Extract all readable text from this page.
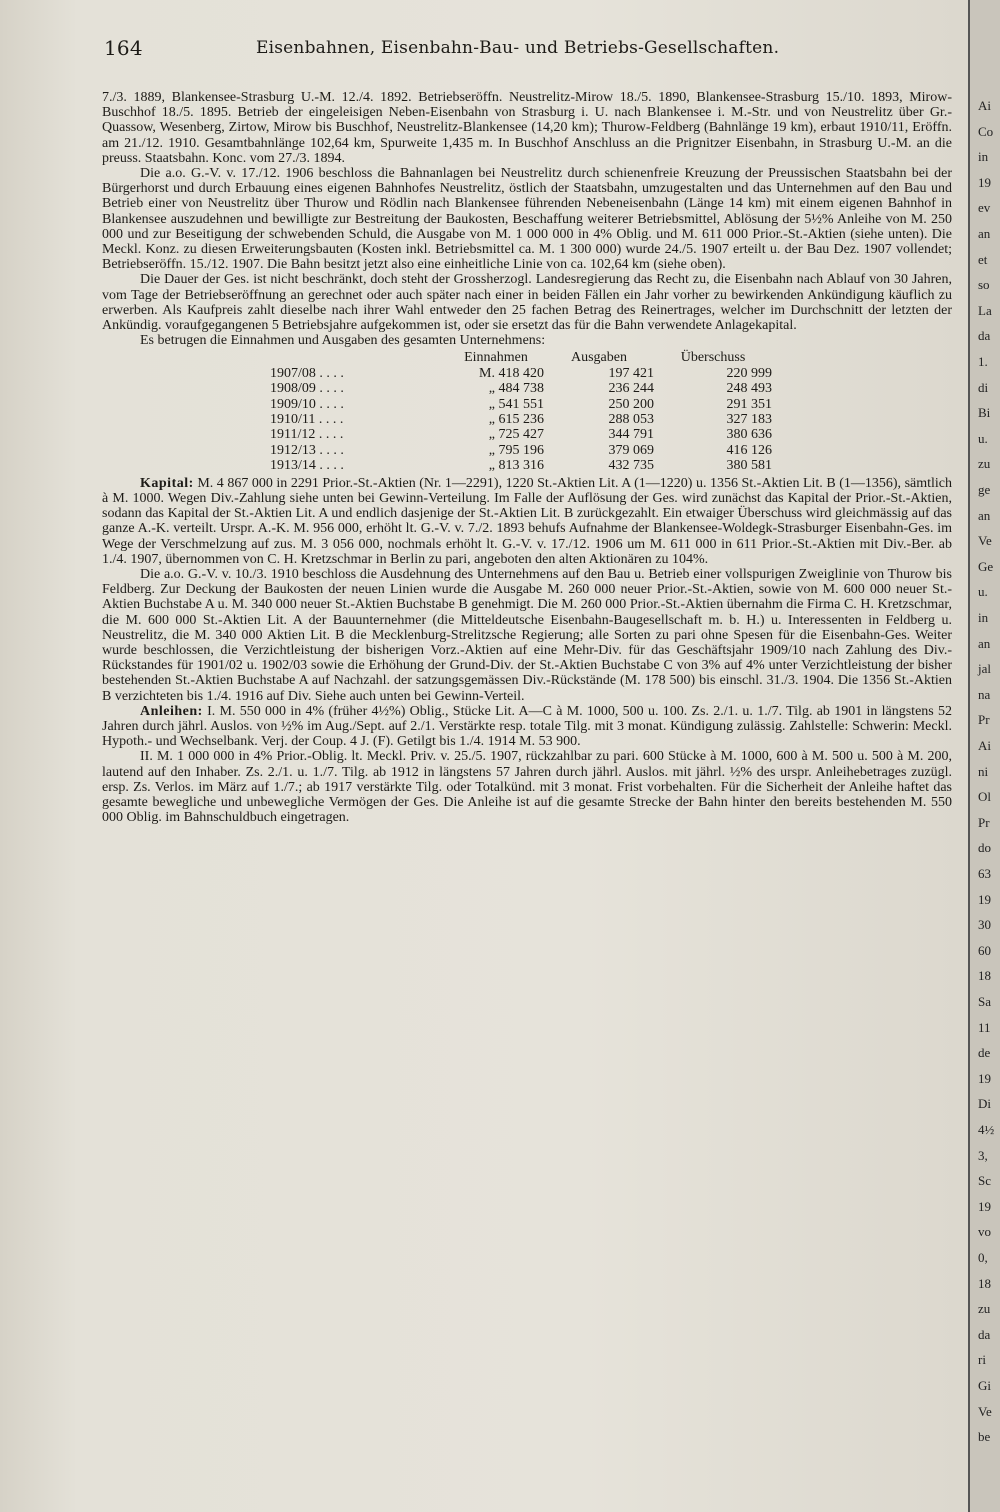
164	Eisenbahnen, Eisenbahn-Bau- und Betriebs-Gesellschaften.

7./3. 1889, Blankensee-Strasburg U.-M. 12./4. 1892. Betriebseröffn. Neustrelitz-Mirow 18./5. 1890, Blankensee-Strasburg 15./10. 1893, Mirow-Buschhof 18./5. 1895. Betrieb der eingeleisigen Neben-Eisenbahn von Strasburg i. U. nach Blankensee i. M.-Str. und von Neustrelitz über Gr.-Quassow, Wesenberg, Zirtow, Mirow bis Buschhof, Neustrelitz-Blankensee (14,20 km); Thurow-Feldberg (Bahnlänge 19 km), erbaut 1910/11, Eröffn. am 21./12. 1910. Gesamtbahnlänge 102,64 km, Spurweite 1,435 m. In Buschhof Anschluss an die Prignitzer Eisenbahn, in Strasburg U.-M. an die preuss. Staatsbahn. Konc. vom 27./3. 1894.

Die a.o. G.-V. v. 17./12. 1906 beschloss die Bahnanlagen bei Neustrelitz durch schienenfreie Kreuzung der Preussischen Staatsbahn bei der Bürgerhorst und durch Erbauung eines eigenen Bahnhofes Neustrelitz, östlich der Staatsbahn, umzugestalten und das Unternehmen auf den Bau und Betrieb einer von Neustrelitz über Thurow und Rödlin nach Blankensee führenden Nebeneisenbahn (Länge 14 km) mit einem eigenen Bahnhof in Blankensee auszudehnen und bewilligte zur Bestreitung der Baukosten, Beschaffung weiterer Betriebsmittel, Ablösung der 5½% Anleihe von M. 250 000 und zur Beseitigung der schwebenden Schuld, die Ausgabe von M. 1 000 000 in 4% Oblig. und M. 611 000 Prior.-St.-Aktien (siehe unten). Die Meckl. Konz. zu diesen Erweiterungsbauten (Kosten inkl. Betriebsmittel ca. M. 1 300 000) wurde 24./5. 1907 erteilt u. der Bau Dez. 1907 vollendet; Betriebseröffn. 15./12. 1907. Die Bahn besitzt jetzt also eine einheitliche Linie von ca. 102,64 km (siehe oben).

Die Dauer der Ges. ist nicht beschränkt, doch steht der Grossherzogl. Landesregierung das Recht zu, die Eisenbahn nach Ablauf von 30 Jahren, vom Tage der Betriebseröffnung an gerechnet oder auch später nach einer in beiden Fällen ein Jahr vorher zu bewirkenden Ankündigung käuflich zu erwerben. Als Kaufpreis zahlt dieselbe nach ihrer Wahl entweder den 25 fachen Betrag des Reinertrages, welcher im Durchschnitt der letzten der Ankündig. voraufgegangenen 5 Betriebsjahre aufgekommen ist, oder sie ersetzt das für die Bahn verwendete Anlagekapital.

Es betrugen die Einnahmen und Ausgaben des gesamten Unternehmens:

	Einnahmen	Ausgaben	Überschuss
1907/08 . . . .	M. 418 420	197 421	220 999
1908/09 . . . .	„ 484 738	236 244	248 493
1909/10 . . . .	„ 541 551	250 200	291 351
1910/11 . . . .	„ 615 236	288 053	327 183
1911/12 . . . .	„ 725 427	344 791	380 636
1912/13 . . . .	„ 795 196	379 069	416 126
1913/14 . . . .	„ 813 316	432 735	380 581

Kapital: M. 4 867 000 in 2291 Prior.-St.-Aktien (Nr. 1—2291), 1220 St.-Aktien Lit. A (1—1220) u. 1356 St.-Aktien Lit. B (1—1356), sämtlich à M. 1000. Wegen Div.-Zahlung siehe unten bei Gewinn-Verteilung. Im Falle der Auflösung der Ges. wird zunächst das Kapital der Prior.-St.-Aktien, sodann das Kapital der St.-Aktien Lit. A und endlich dasjenige der St.-Aktien Lit. B zurückgezahlt. Ein etwaiger Überschuss wird gleichmässig auf das ganze A.-K. verteilt. Urspr. A.-K. M. 956 000, erhöht lt. G.-V. v. 7./2. 1893 behufs Aufnahme der Blankensee-Woldegk-Strasburger Eisenbahn-Ges. im Wege der Verschmelzung auf zus. M. 3 056 000, nochmals erhöht lt. G.-V. v. 17./12. 1906 um M. 611 000 in 611 Prior.-St.-Aktien mit Div.-Ber. ab 1./4. 1907, übernommen von C. H. Kretzschmar in Berlin zu pari, angeboten den alten Aktionären zu 104%.

Die a.o. G.-V. v. 10./3. 1910 beschloss die Ausdehnung des Unternehmens auf den Bau u. Betrieb einer vollspurigen Zweiglinie von Thurow bis Feldberg. Zur Deckung der Baukosten der neuen Linien wurde die Ausgabe M. 260 000 neuer Prior.-St.-Aktien, sowie von M. 600 000 neuer St.-Aktien Buchstabe A u. M. 340 000 neuer St.-Aktien Buchstabe B genehmigt. Die M. 260 000 Prior.-St.-Aktien übernahm die Firma C. H. Kretzschmar, die M. 600 000 St.-Aktien Lit. A der Bauunternehmer (die Mitteldeutsche Eisenbahn-Baugesellschaft m. b. H.) u. Interessenten in Feldberg u. Neustrelitz, die M. 340 000 Aktien Lit. B die Mecklenburg-Strelitzsche Regierung; alle Sorten zu pari ohne Spesen für die Eisenbahn-Ges. Weiter wurde beschlossen, die Verzichtleistung der bisherigen Vorz.-Aktien auf eine Mehr-Div. für das Geschäftsjahr 1909/10 nach Zahlung des Div.-Rückstandes für 1901/02 u. 1902/03 sowie die Erhöhung der Grund-Div. der St.-Aktien Buchstabe C von 3% auf 4% unter Verzichtleistung der bisher bestehenden St.-Aktien Buchstabe A auf Nachzahl. der satzungsgemässen Div.-Rückstände (M. 178 500) bis einschl. 31./3. 1904. Die 1356 St.-Aktien B verzichteten bis 1./4. 1916 auf Div. Siehe auch unten bei Gewinn-Verteil.

Anleihen: I. M. 550 000 in 4% (früher 4½%) Oblig., Stücke Lit. A—C à M. 1000, 500 u. 100. Zs. 2./1. u. 1./7. Tilg. ab 1901 in längstens 52 Jahren durch jährl. Auslos. von ½% im Aug./Sept. auf 2./1. Verstärkte resp. totale Tilg. mit 3 monat. Kündigung zulässig. Zahlstelle: Schwerin: Meckl. Hypoth.- und Wechselbank. Verj. der Coup. 4 J. (F). Getilgt bis 1./4. 1914 M. 53 900.

II. M. 1 000 000 in 4% Prior.-Oblig. lt. Meckl. Priv. v. 25./5. 1907, rückzahlbar zu pari. 600 Stücke à M. 1000, 600 à M. 500 u. 500 à M. 200, lautend auf den Inhaber. Zs. 2./1. u. 1./7. Tilg. ab 1912 in längstens 57 Jahren durch jährl. Auslos. mit jährl. ½% des urspr. Anleihebetrages zuzügl. ersp. Zs. Verlos. im März auf 1./7.; ab 1917 verstärkte Tilg. oder Totalkünd. mit 3 monat. Frist vorbehalten. Für die Sicherheit der Anleihe haftet das gesamte bewegliche und unbewegliche Vermögen der Ges. Die Anleihe ist auf die gesamte Strecke der Bahn hinter den bereits bestehenden M. 550 000 Oblig. im Bahnschuldbuch eingetragen.

Ai
Co
in
19
ev
an
et
so
La
da
1.
di
Bi
u.
zu
ge
an
Ve
Ge
u.
in
an
jal
na
Pr
Ai
ni
Ol
Pr
do
63
19
30
60
18
Sa
11
de
19
Di
4½
3,
Sc
19
vo
0,
18
zu
da
ri
Gi
Ve
be
